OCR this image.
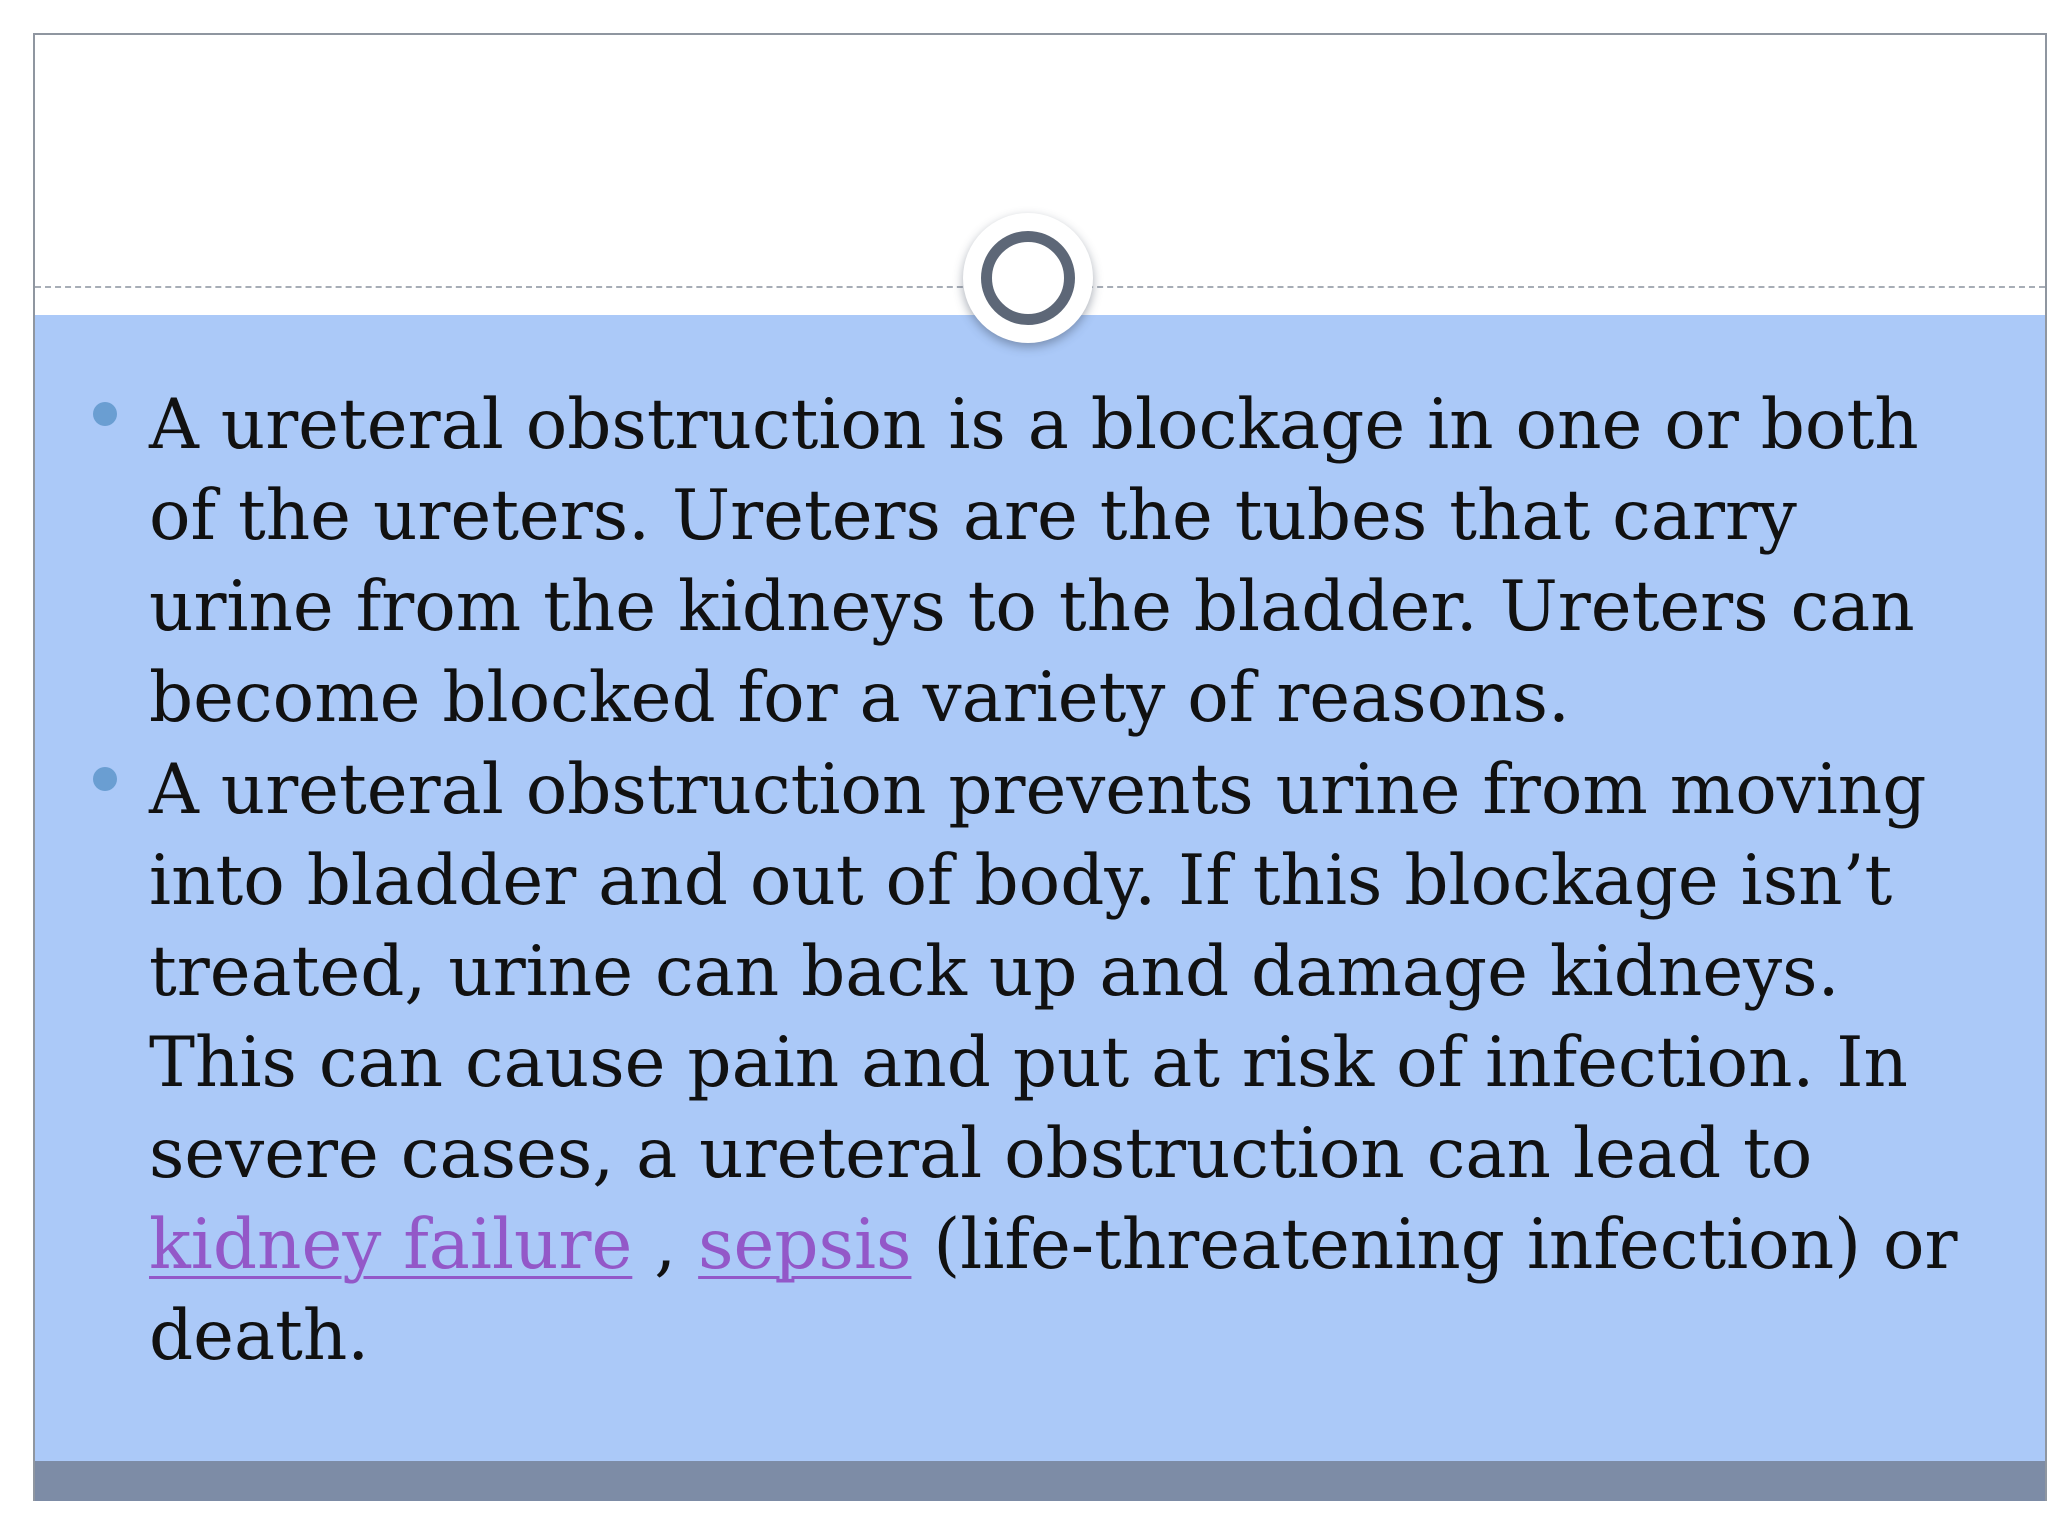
A ureteral obstruction is a blockage in one or both of the ureters. Ureters are the tubes that carry urine from the kidneys to the bladder. Ureters can become blocked for a variety of reasons.
A ureteral obstruction prevents urine from moving into bladder and out of body. If this blockage isn’t treated, urine can back up and damage kidneys. This can cause pain and put at risk of infection. In severe cases, a ureteral obstruction can lead to kidney failure , sepsis (life-threatening infection) or death.
